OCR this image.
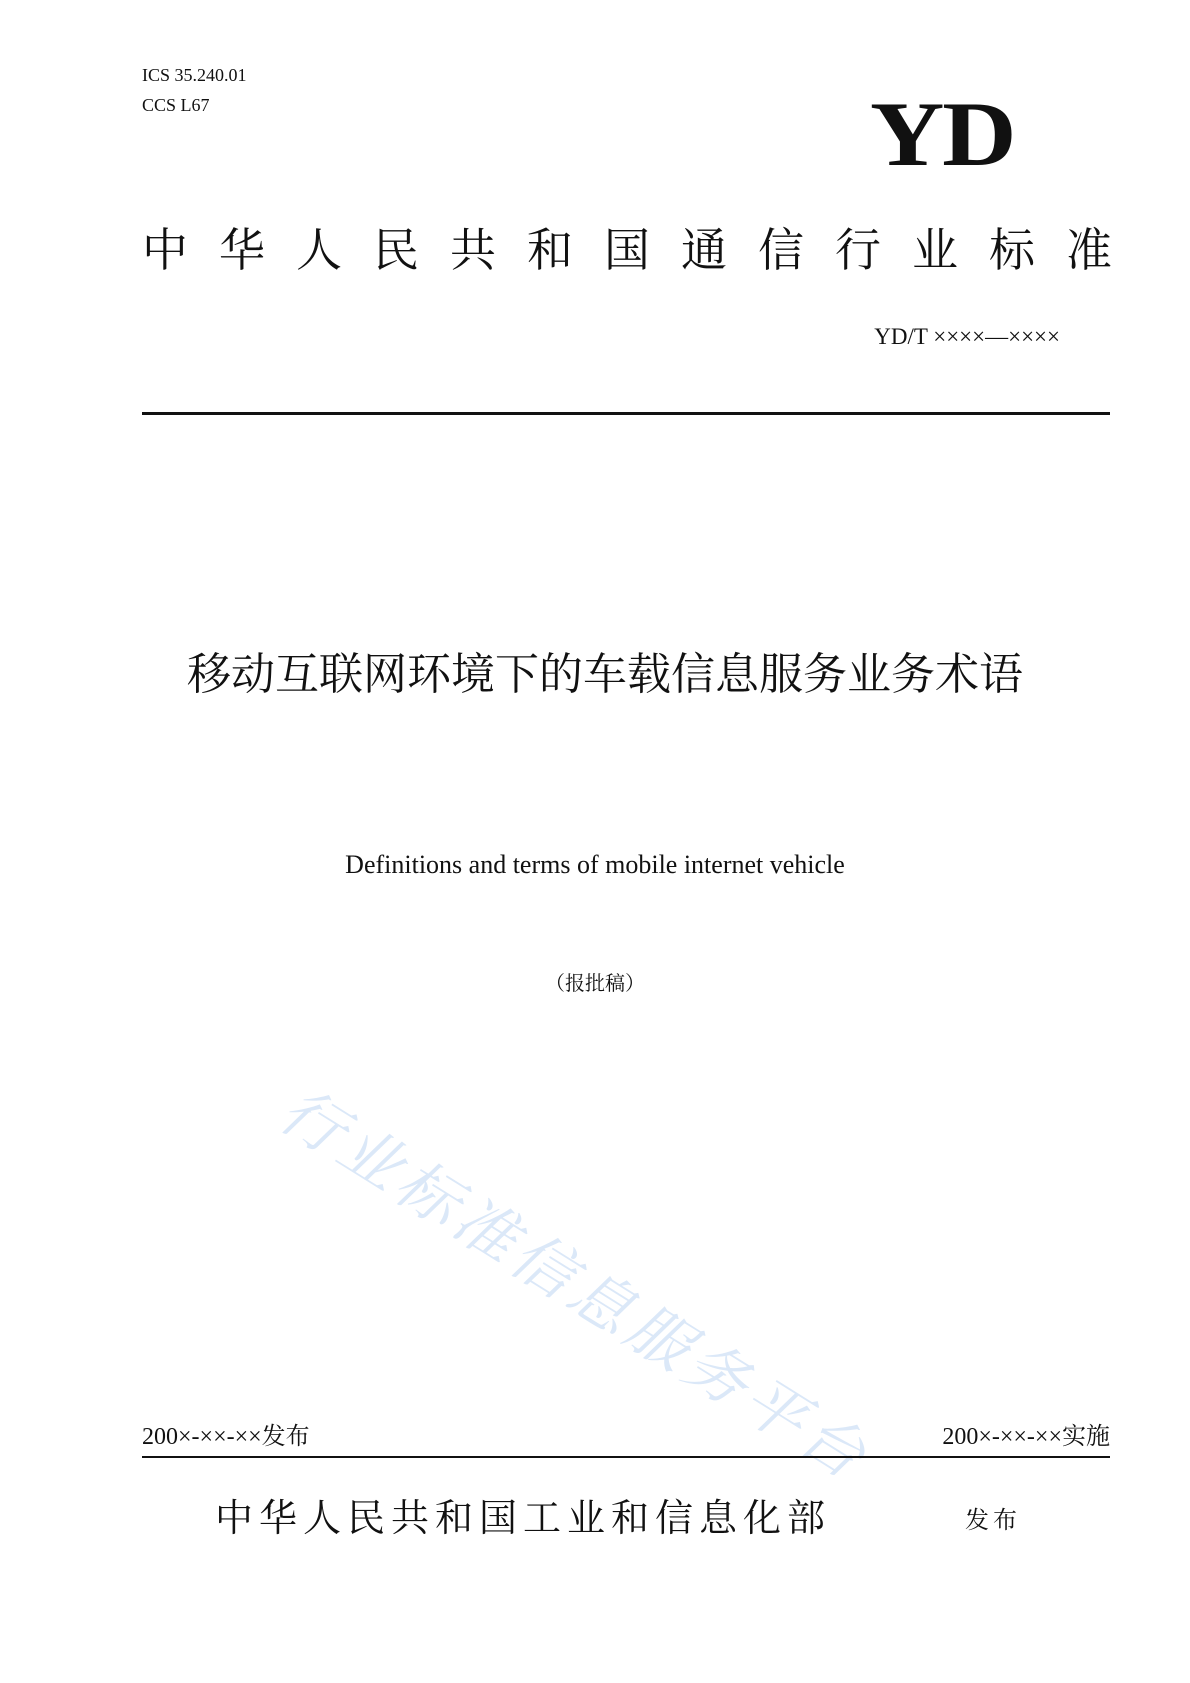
ICS 35.240.01
CCS L67	YD
中华人民共和国通信行业标准
YD/T ××××—××××
移动互联网环境下的车载信息服务业务术语
Definitions and terms of mobile internet vehicle
（报批稿）
行业标准信息服务平台
200×-××-××发布	200×-××-××实施
中华人民共和国工业和信息化部	发布
